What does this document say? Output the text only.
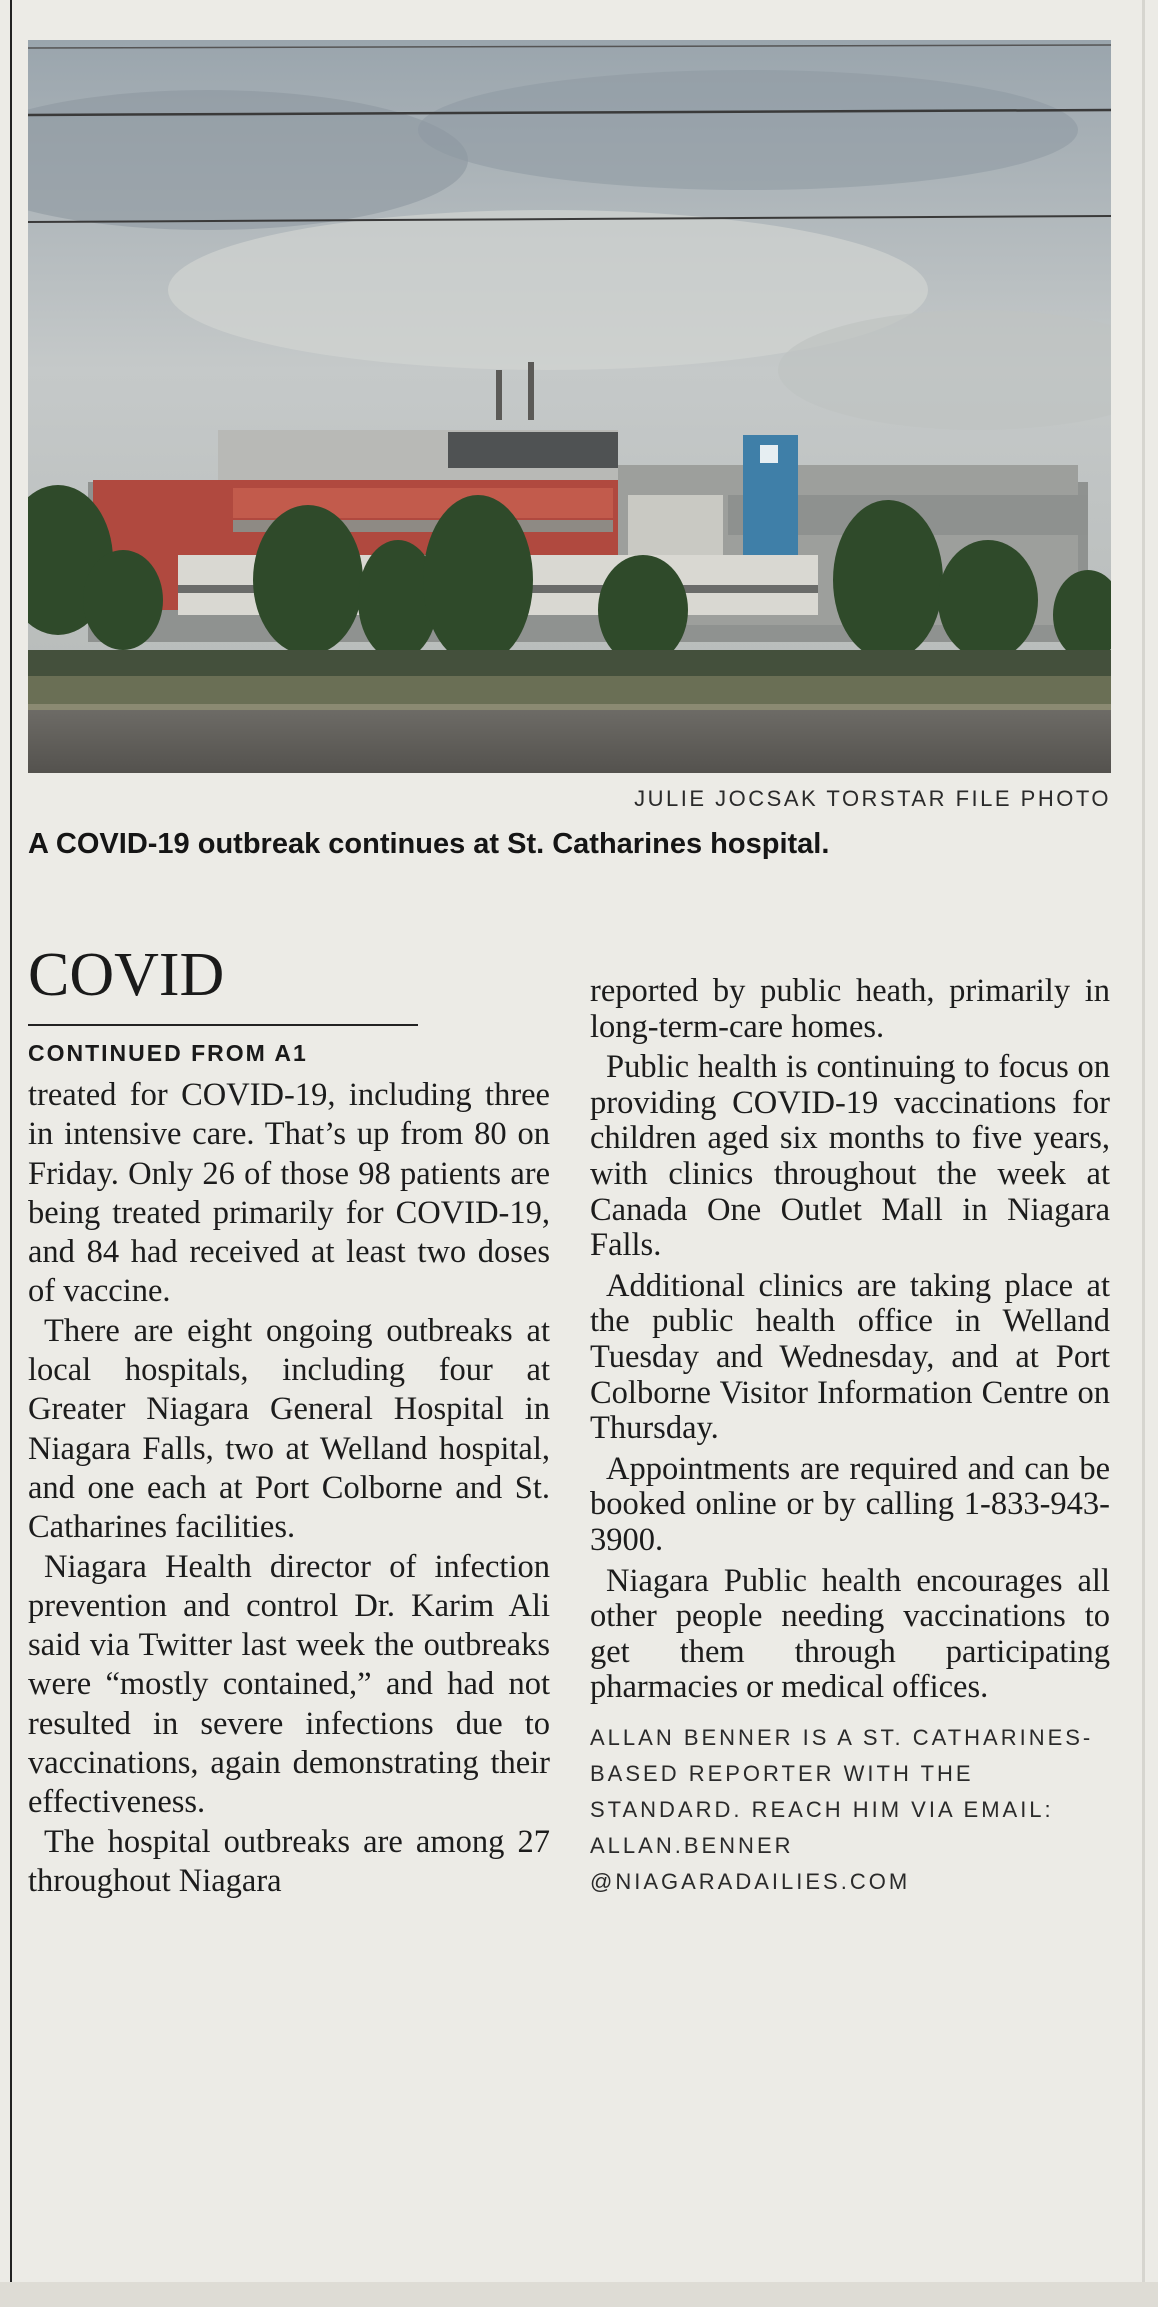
JULIE JOCSAK TORSTAR FILE PHOTO
A COVID-19 outbreak continues at St. Catharines hospital.
COVID
CONTINUED FROM A1

treated for COVID-19, including three in intensive care. That’s up from 80 on Friday. Only 26 of those 98 patients are being treated primarily for COVID-19, and 84 had received at least two doses of vaccine.

There are eight ongoing outbreaks at local hospitals, including four at Greater Niagara General Hospital in Niagara Falls, two at Welland hospital, and one each at Port Colborne and St. Catharines facilities.

Niagara Health director of infection prevention and control Dr. Karim Ali said via Twitter last week the outbreaks were “mostly contained,” and had not resulted in severe infections due to vaccinations, again demonstrating their effectiveness.

The hospital outbreaks are among 27 throughout Niagara

reported by public heath, primarily in long-term-care homes.

Public health is continuing to focus on providing COVID-19 vaccinations for children aged six months to five years, with clinics throughout the week at Canada One Outlet Mall in Niagara Falls.

Additional clinics are taking place at the public health office in Welland Tuesday and Wednesday, and at Port Colborne Visitor Information Centre on Thursday.

Appointments are required and can be booked online or by calling 1-833-943-3900.

Niagara Public health encourages all other people needing vaccinations to get them through participating pharmacies or medical offices.

ALLAN BENNER IS A ST. CATHARINES-BASED REPORTER WITH THE STANDARD. REACH HIM VIA EMAIL: ALLAN.BENNER @NIAGARADAILIES.COM
